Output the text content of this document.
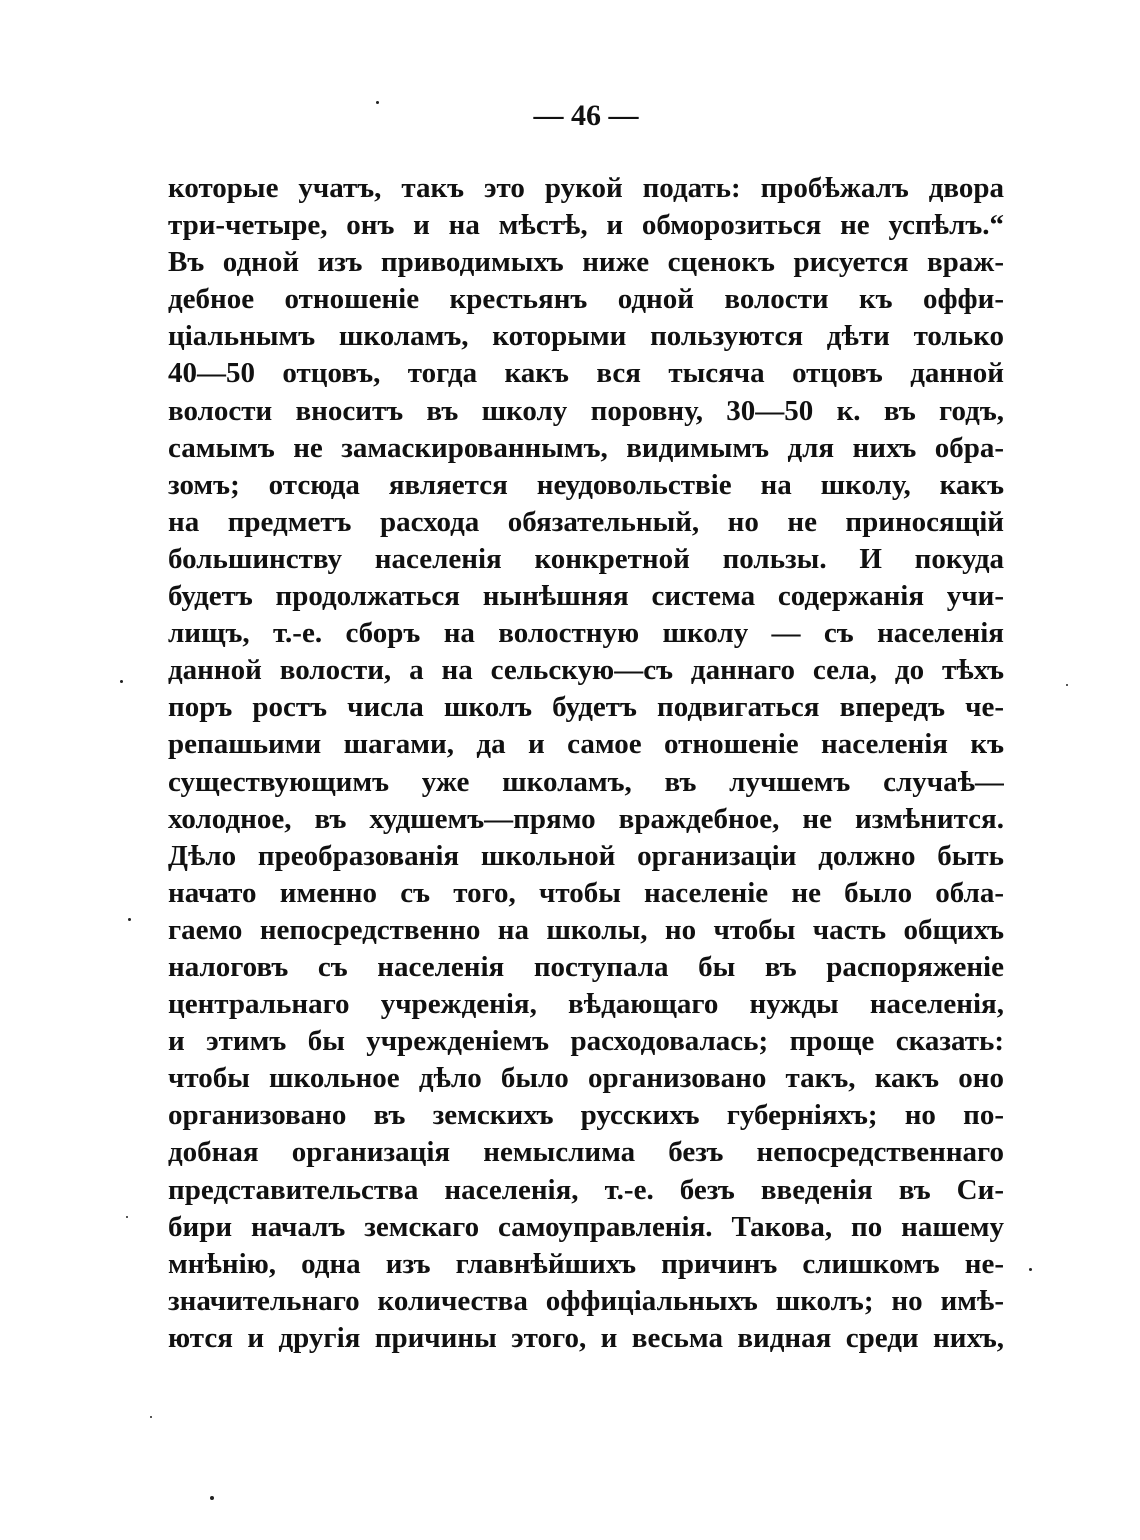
— 46 —
которые учатъ, такъ это рукой подать: пробѣжалъ двора
три-четыре, онъ и на мѣстѣ, и обморозиться не успѣлъ.“
Въ одной изъ приводимыхъ ниже сценокъ рисуется враж-
дебное отношенiе крестьянъ одной волости къ оффи-
цiальнымъ школамъ, которыми пользуются дѣти только
40—50 отцовъ, тогда какъ вся тысяча отцовъ данной
волости вноситъ въ школу поровну, 30—50 к. въ годъ,
самымъ не замаскированнымъ, видимымъ для нихъ обра-
зомъ; отсюда является неудовольствiе на школу, какъ
на предметъ расхода обязательный, но не приносящiй
большинству населенiя конкретной пользы. И покуда
будетъ продолжаться нынѣшняя система содержанiя учи-
лищъ, т.-е. сборъ на волостную школу — съ населенiя
данной волости, а на сельскую—съ даннаго села, до тѣхъ
поръ ростъ числа школъ будетъ подвигаться впередъ че-
репашьими шагами, да и самое отношенiе населенiя къ
существующимъ уже школамъ, въ лучшемъ случаѣ—
холодное, въ худшемъ—прямо враждебное, не измѣнится.
Дѣло преобразованiя школьной организацiи должно быть
начато именно съ того, чтобы населенiе не было обла-
гаемо непосредственно на школы, но чтобы часть общихъ
налоговъ съ населенiя поступала бы въ распоряженiе
центральнаго учрежденiя, вѣдающаго нужды населенiя,
и этимъ бы учрежденiемъ расходовалась; проще сказать:
чтобы школьное дѣло было организовано такъ, какъ оно
организовано въ земскихъ русскихъ губернiяхъ; но по-
добная организацiя немыслима безъ непосредственнаго
представительства населенiя, т.-е. безъ введенiя въ Си-
бири началъ земскаго самоуправленiя. Такова, по нашему
мнѣнiю, одна изъ главнѣйшихъ причинъ слишкомъ не-
значительнаго количества оффицiальныхъ школъ; но имѣ-
ются и другiя причины этого, и весьма видная среди нихъ,
